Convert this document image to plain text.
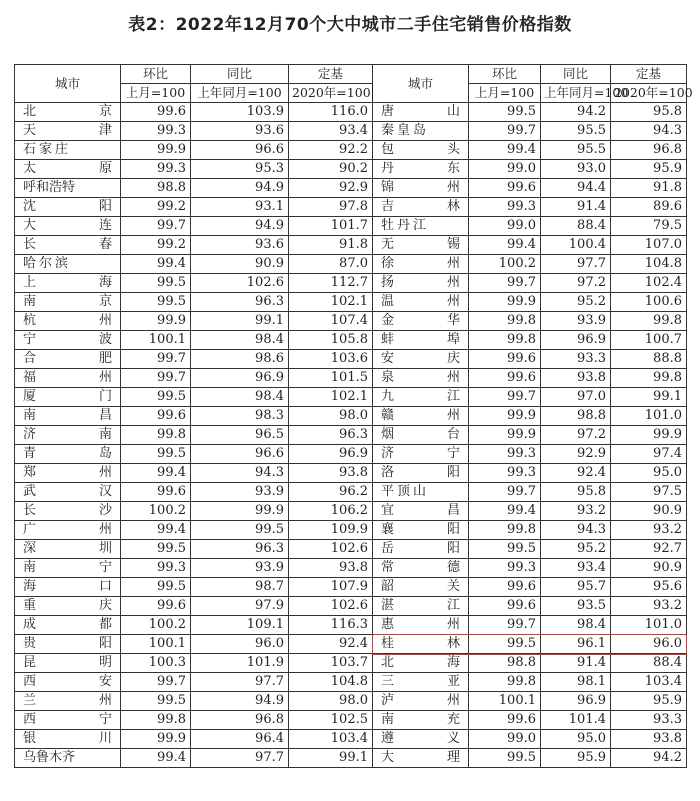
表2：2022年12月70个大中城市二手住宅销售价格指数
城市	环比	同比	定基	城市	环比	同比	定基
	上月=100	上年同月=100	2020年=100		上月=100	上年同月=100	2020年=100

北 京	99.6	103.9	116.0	唐 山	99.5	94.2	95.8

天 津	99.3	93.6	93.4	秦皇岛	99.7	95.5	94.3
石家庄	99.9	96.6	92.2	包 头	99.4	95.5	96.8

太 原	99.3	95.3	90.2	丹 东	99.0	93.0	95.9
呼和浩特	98.8	94.9	92.9	锦 州	99.6	94.4	91.8

沈 阳	99.2	93.1	97.8	吉 林	99.3	91.4	89.6

大 连	99.7	94.9	101.7	牡丹江	99.0	88.4	79.5

长 春	99.2	93.6	91.8	无 锡	99.4	100.4	107.0
哈尔滨	99.4	90.9	87.0	徐 州	100.2	97.7	104.8

上 海	99.5	102.6	112.7	扬 州	99.7	97.2	102.4

南 京	99.5	96.3	102.1	温 州	99.9	95.2	100.6

杭 州	99.9	99.1	107.4	金 华	99.8	93.9	99.8

宁 波	100.1	98.4	105.8	蚌 埠	99.8	96.9	100.7

合 肥	99.7	98.6	103.6	安 庆	99.6	93.3	88.8

福 州	99.7	96.9	101.5	泉 州	99.6	93.8	99.8

厦 门	99.5	98.4	102.1	九 江	99.7	97.0	99.1

南 昌	99.6	98.3	98.0	赣 州	99.9	98.8	101.0

济 南	99.8	96.5	96.3	烟 台	99.9	97.2	99.9

青 岛	99.5	96.6	96.9	济 宁	99.3	92.9	97.4

郑 州	99.4	94.3	93.8	洛 阳	99.3	92.4	95.0

武 汉	99.6	93.9	96.2	平顶山	99.7	95.8	97.5

长 沙	100.2	99.9	106.2	宜 昌	99.4	93.2	90.9

广 州	99.4	99.5	109.9	襄 阳	99.8	94.3	93.2

深 圳	99.5	96.3	102.6	岳 阳	99.5	95.2	92.7

南 宁	99.3	93.9	93.8	常 德	99.3	93.4	90.9

海 口	99.5	98.7	107.9	韶 关	99.6	95.7	95.6

重 庆	99.6	97.9	102.6	湛 江	99.6	93.5	93.2

成 都	100.2	109.1	116.3	惠 州	99.7	98.4	101.0

贵 阳	100.1	96.0	92.4	桂 林	99.5	96.1	96.0

昆 明	100.3	101.9	103.7	北 海	98.8	91.4	88.4

西 安	99.7	97.7	104.8	三 亚	99.8	98.1	103.4

兰 州	99.5	94.9	98.0	泸 州	100.1	96.9	95.9

西 宁	99.8	96.8	102.5	南 充	99.6	101.4	93.3

银 川	99.9	96.4	103.4	遵 义	99.0	95.0	93.8
乌鲁木齐	99.4	97.7	99.1	大 理	99.5	95.9	94.2
